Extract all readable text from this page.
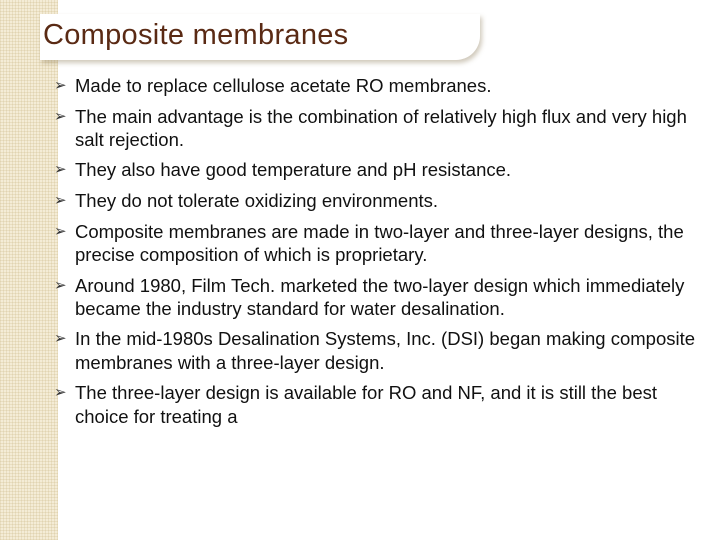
Composite membranes
➢ Made to replace cellulose acetate RO membranes.
➢ The main advantage is the combination of relatively high flux and very high salt rejection.
➢ They also have good temperature and pH resistance.
➢ They do not tolerate oxidizing environments.
➢ Composite membranes are made in two-layer and three-layer designs, the precise composition of which is proprietary.
➢ Around 1980, Film Tech. marketed the two-layer design which immediately became the industry standard for water desalination.
➢ In the mid-1980s Desalination Systems, Inc. (DSI) began making composite membranes with a three-layer design.
➢ The three-layer design is available for RO and NF, and it is still the best choice for treating a
